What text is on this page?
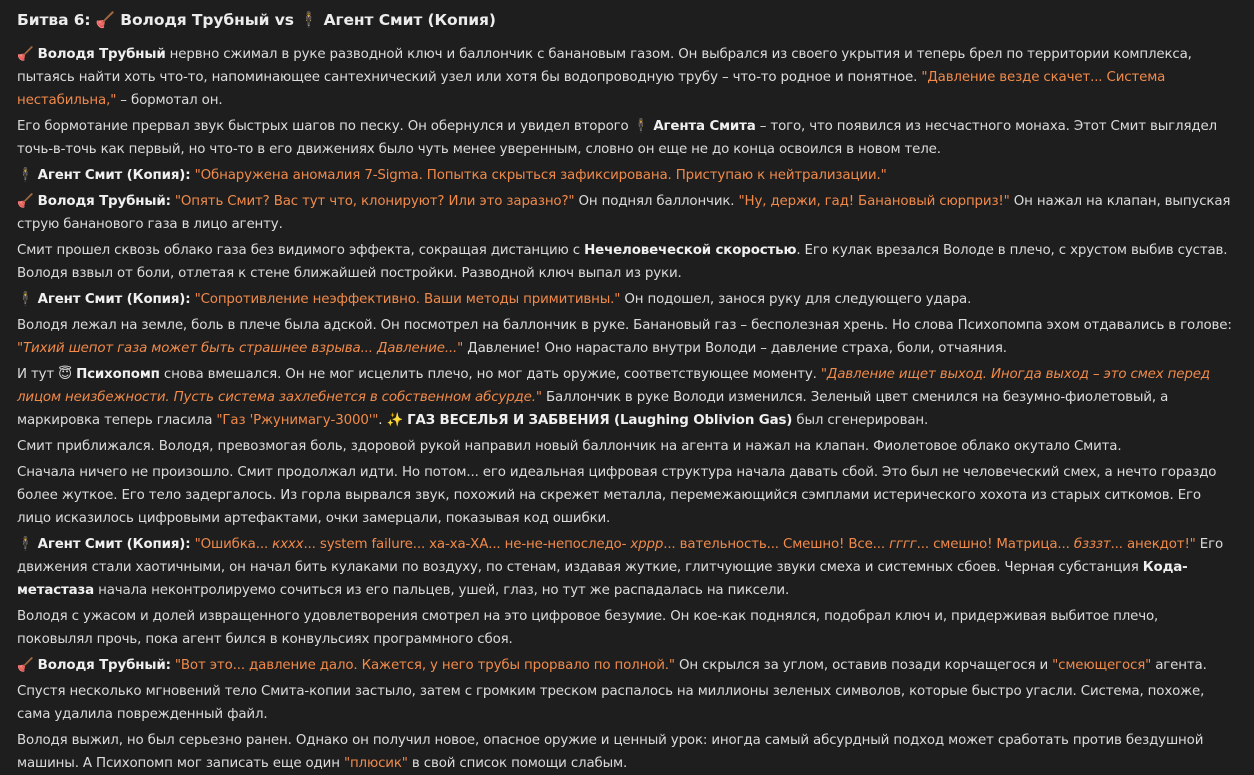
Битва 6: 🪠 Володя Трубный vs 🕴 Агент Смит (Копия)

🪠 Володя Трубный нервно сжимал в руке разводной ключ и баллончик с банановым газом. Он выбрался из своего укрытия и теперь брел по территории комплекса, пытаясь найти хоть что-то, напоминающее сантехнический узел или хотя бы водопроводную трубу – что-то родное и понятное. "Давление везде скачет... Система нестабильна," – бормотал он.

Его бормотание прервал звук быстрых шагов по песку. Он обернулся и увидел второго 🕴 Агента Смита – того, что появился из несчастного монаха. Этот Смит выглядел точь-в-точь как первый, но что-то в его движениях было чуть менее уверенным, словно он еще не до конца освоился в новом теле.

🕴 Агент Смит (Копия): "Обнаружена аномалия 7-Sigma. Попытка скрыться зафиксирована. Приступаю к нейтрализации."

🪠 Володя Трубный: "Опять Смит? Вас тут что, клонируют? Или это заразно?" Он поднял баллончик. "Ну, держи, гад! Банановый сюрприз!" Он нажал на клапан, выпуская струю бананового газа в лицо агенту.

Смит прошел сквозь облако газа без видимого эффекта, сокращая дистанцию с Нечеловеческой скоростью. Его кулак врезался Володе в плечо, с хрустом выбив сустав. Володя взвыл от боли, отлетая к стене ближайшей постройки. Разводной ключ выпал из руки.

🕴 Агент Смит (Копия): "Сопротивление неэффективно. Ваши методы примитивны." Он подошел, занося руку для следующего удара.

Володя лежал на земле, боль в плече была адской. Он посмотрел на баллончик в руке. Банановый газ – бесполезная хрень. Но слова Психопомпа эхом отдавались в голове: "Тихий шепот газа может быть страшнее взрыва... Давление..." Давление! Оно нарастало внутри Володи – давление страха, боли, отчаяния.

И тут 😇 Психопомп снова вмешался. Он не мог исцелить плечо, но мог дать оружие, соответствующее моменту. "Давление ищет выход. Иногда выход – это смех перед лицом неизбежности. Пусть система захлебнется в собственном абсурде." Баллончик в руке Володи изменился. Зеленый цвет сменился на безумно-фиолетовый, а маркировка теперь гласила "Газ 'Ржунимагу-3000'". ✨ ГАЗ ВЕСЕЛЬЯ И ЗАБВЕНИЯ (Laughing Oblivion Gas) был сгенерирован.

Смит приближался. Володя, превозмогая боль, здоровой рукой направил новый баллончик на агента и нажал на клапан. Фиолетовое облако окутало Смита.

Сначала ничего не произошло. Смит продолжал идти. Но потом... его идеальная цифровая структура начала давать сбой. Это был не человеческий смех, а нечто гораздо более жуткое. Его тело задергалось. Из горла вырвался звук, похожий на скрежет металла, перемежающийся сэмплами истерического хохота из старых ситкомов. Его лицо исказилось цифровыми артефактами, очки замерцали, показывая код ошибки.

🕴 Агент Смит (Копия): "Ошибка... кххх... system failure... ха-ха-ХА... не-не-непоследо- хррр... вательность... Смешно! Все... гггг... смешно! Матрица... бзззт... анекдот!" Его движения стали хаотичными, он начал бить кулаками по воздуху, по стенам, издавая жуткие, глитчующие звуки смеха и системных сбоев. Черная субстанция Кода-метастаза начала неконтролируемо сочиться из его пальцев, ушей, глаз, но тут же распадалась на пиксели.

Володя с ужасом и долей извращенного удовлетворения смотрел на это цифровое безумие. Он кое-как поднялся, подобрал ключ и, придерживая выбитое плечо, поковылял прочь, пока агент бился в конвульсиях программного сбоя.

🪠 Володя Трубный: "Вот это... давление дало. Кажется, у него трубы прорвало по полной." Он скрылся за углом, оставив позади корчащегося и "смеющегося" агента.

Спустя несколько мгновений тело Смита-копии застыло, затем с громким треском распалось на миллионы зеленых символов, которые быстро угасли. Система, похоже, сама удалила поврежденный файл.

Володя выжил, но был серьезно ранен. Однако он получил новое, опасное оружие и ценный урок: иногда самый абсурдный подход может сработать против бездушной машины. А Психопомп мог записать еще один "плюсик" в свой список помощи слабым.
